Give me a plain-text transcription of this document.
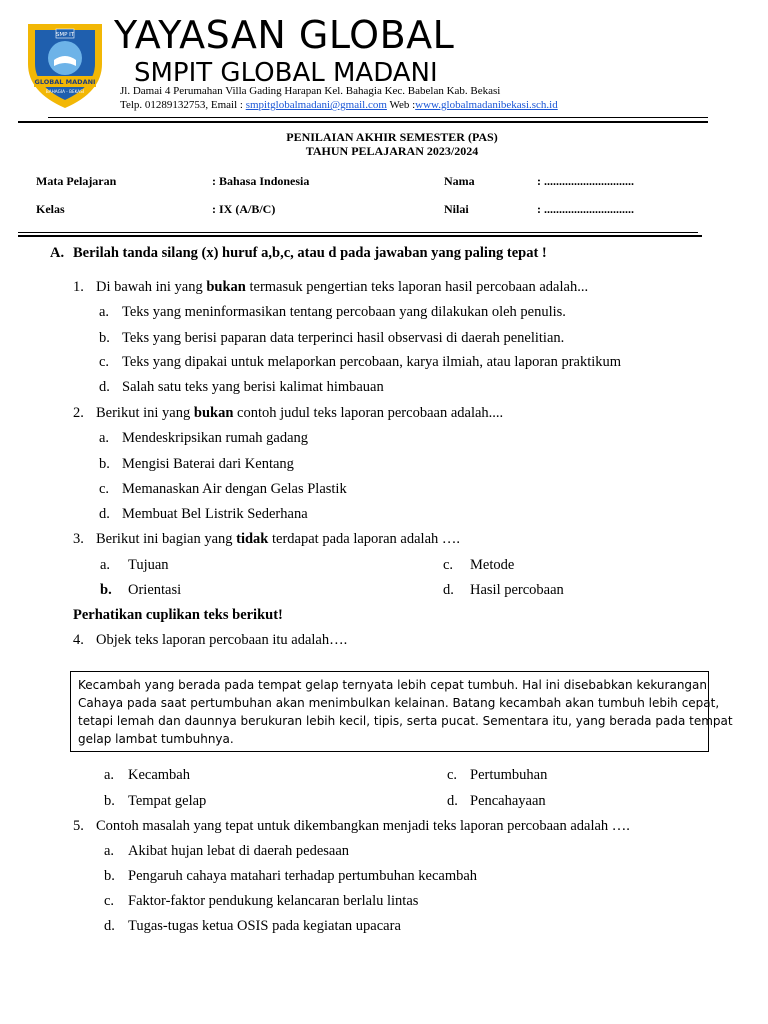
SMP IT
GLOBAL MADANI
BAHAGIA - BEKASI
YAYASAN GLOBAL
SMPIT GLOBAL MADANI
Jl. Damai 4 Perumahan Villa Gading Harapan Kel. Bahagia Kec. Babelan Kab. Bekasi
Telp. 01289132753, Email : smpitglobalmadani@gmail.com Web :www.globalmadanibekasi.sch.id
PENILAIAN AKHIR SEMESTER (PAS)
TAHUN PELAJARAN 2023/2024
Mata Pelajaran	: Bahasa Indonesia	Nama	: ..............................
Kelas	: IX (A/B/C)	Nilai	: ..............................
A. Berilah tanda silang (x) huruf a,b,c, atau d pada jawaban yang paling tepat !
1. Di bawah ini yang bukan termasuk pengertian teks laporan hasil percobaan adalah...
a. Teks yang meninformasikan tentang percobaan yang dilakukan oleh penulis.
b. Teks yang berisi paparan data terperinci hasil observasi di daerah penelitian.
c. Teks yang dipakai untuk melaporkan percobaan, karya ilmiah, atau laporan praktikum
d. Salah satu teks yang berisi kalimat himbauan
2. Berikut ini yang bukan contoh judul teks laporan percobaan adalah....
a. Mendeskripsikan rumah gadang
b. Mengisi Baterai dari Kentang
c. Memanaskan Air dengan Gelas Plastik
d. Membuat Bel Listrik Sederhana
3. Berikut ini bagian yang tidak terdapat pada laporan adalah ….
a. Tujuan
b. Orientasi
c. Metode
d. Hasil percobaan
Perhatikan cuplikan teks berikut!
4. Objek teks laporan percobaan itu adalah….
Kecambah yang berada pada tempat gelap ternyata lebih cepat tumbuh. Hal ini disebabkan kekurangan
Cahaya pada saat pertumbuhan akan menimbulkan kelainan. Batang kecambah akan tumbuh lebih cepat,
tetapi lemah dan daunnya berukuran lebih kecil, tipis, serta pucat. Sementara itu, yang berada pada tempat
gelap lambat tumbuhnya.
a. Kecambah
b. Tempat gelap
c. Pertumbuhan
d. Pencahayaan
5. Contoh masalah yang tepat untuk dikembangkan menjadi teks laporan percobaan adalah ….
a. Akibat hujan lebat di daerah pedesaan
b. Pengaruh cahaya matahari terhadap pertumbuhan kecambah
c. Faktor-faktor pendukung kelancaran berlalu lintas
d. Tugas-tugas ketua OSIS pada kegiatan upacara
